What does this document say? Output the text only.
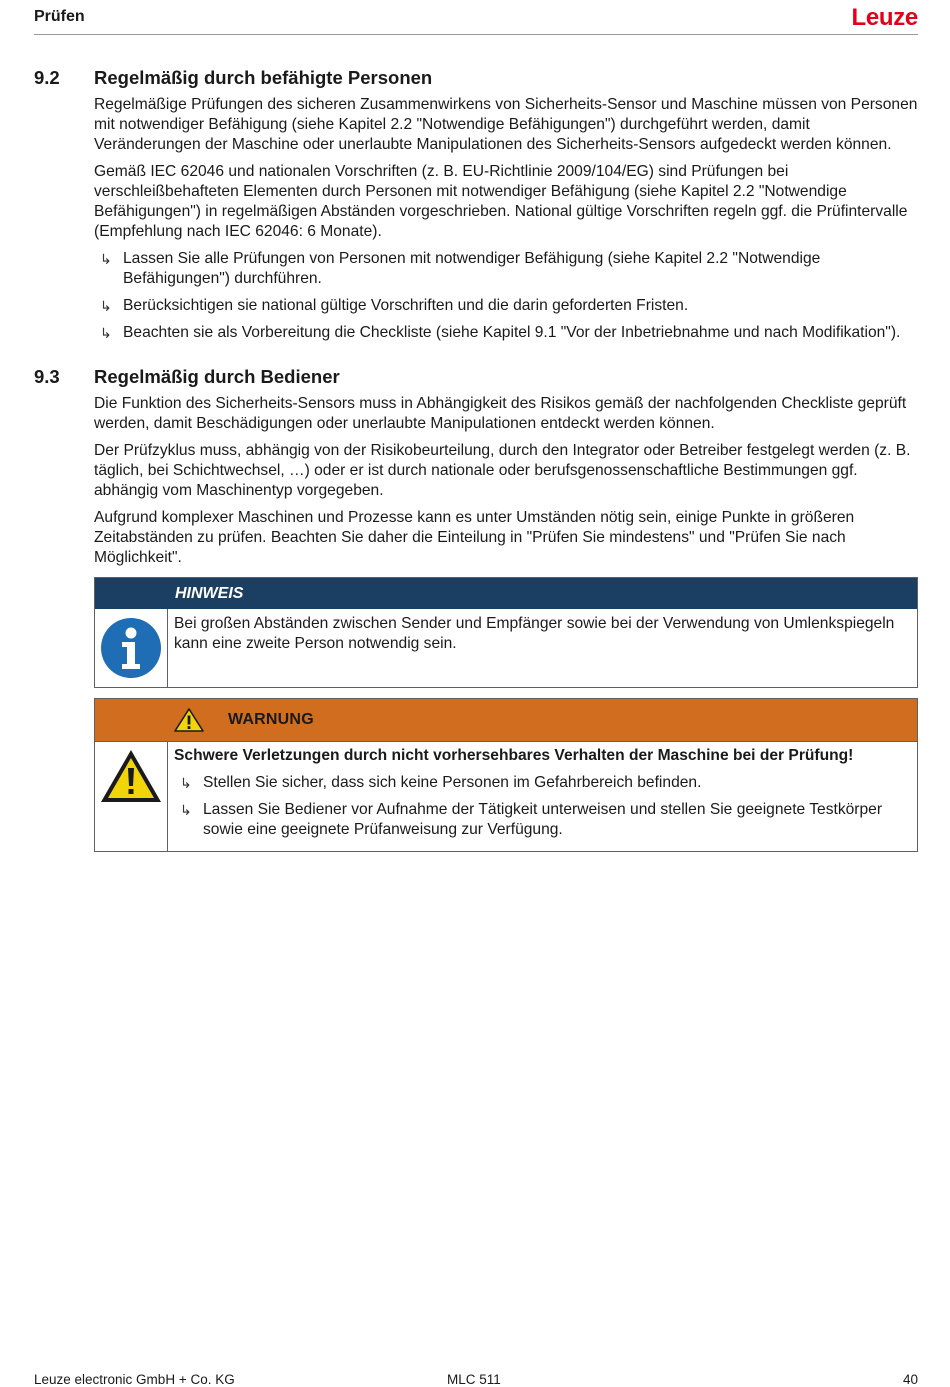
Prüfen	Leuze
9.2	Regelmäßig durch befähigte Personen

Regelmäßige Prüfungen des sicheren Zusammenwirkens von Sicherheits-Sensor und Maschine müssen von Personen mit notwendiger Befähigung (siehe Kapitel 2.2 "Notwendige Befähigungen") durchgeführt werden, damit Veränderungen der Maschine oder unerlaubte Manipulationen des Sicherheits-Sensors aufgedeckt werden können.

Gemäß IEC 62046 und nationalen Vorschriften (z. B. EU-Richtlinie 2009/104/EG) sind Prüfungen bei verschleißbehafteten Elementen durch Personen mit notwendiger Befähigung (siehe Kapitel 2.2 "Notwendige Befähigungen") in regelmäßigen Abständen vorgeschrieben. National gültige Vorschriften regeln ggf. die Prüfintervalle (Empfehlung nach IEC 62046: 6 Monate).

↳ Lassen Sie alle Prüfungen von Personen mit notwendiger Befähigung (siehe Kapitel 2.2 "Notwendige Befähigungen") durchführen.
↳ Berücksichtigen sie national gültige Vorschriften und die darin geforderten Fristen.
↳ Beachten sie als Vorbereitung die Checkliste (siehe Kapitel 9.1 "Vor der Inbetriebnahme und nach Modifikation").
9.3	Regelmäßig durch Bediener

Die Funktion des Sicherheits-Sensors muss in Abhängigkeit des Risikos gemäß der nachfolgenden Checkliste geprüft werden, damit Beschädigungen oder unerlaubte Manipulationen entdeckt werden können.

Der Prüfzyklus muss, abhängig von der Risikobeurteilung, durch den Integrator oder Betreiber festgelegt werden (z. B. täglich, bei Schichtwechsel, …) oder er ist durch nationale oder berufsgenossenschaftliche Bestimmungen ggf. abhängig vom Maschinentyp vorgegeben.

Aufgrund komplexer Maschinen und Prozesse kann es unter Umständen nötig sein, einige Punkte in größeren Zeitabständen zu prüfen. Beachten Sie daher die Einteilung in "Prüfen Sie mindestens" und "Prüfen Sie nach Möglichkeit".

HINWEIS
Bei großen Abständen zwischen Sender und Empfänger sowie bei der Verwendung von Umlenkspiegeln kann eine zweite Person notwendig sein.
WARNUNG

Schwere Verletzungen durch nicht vorhersehbares Verhalten der Maschine bei der Prüfung!

↳ Stellen Sie sicher, dass sich keine Personen im Gefahrbereich befinden.
↳ Lassen Sie Bediener vor Aufnahme der Tätigkeit unterweisen und stellen Sie geeignete Testkörper sowie eine geeignete Prüfanweisung zur Verfügung.
Leuze electronic GmbH + Co. KG	MLC 511	40
